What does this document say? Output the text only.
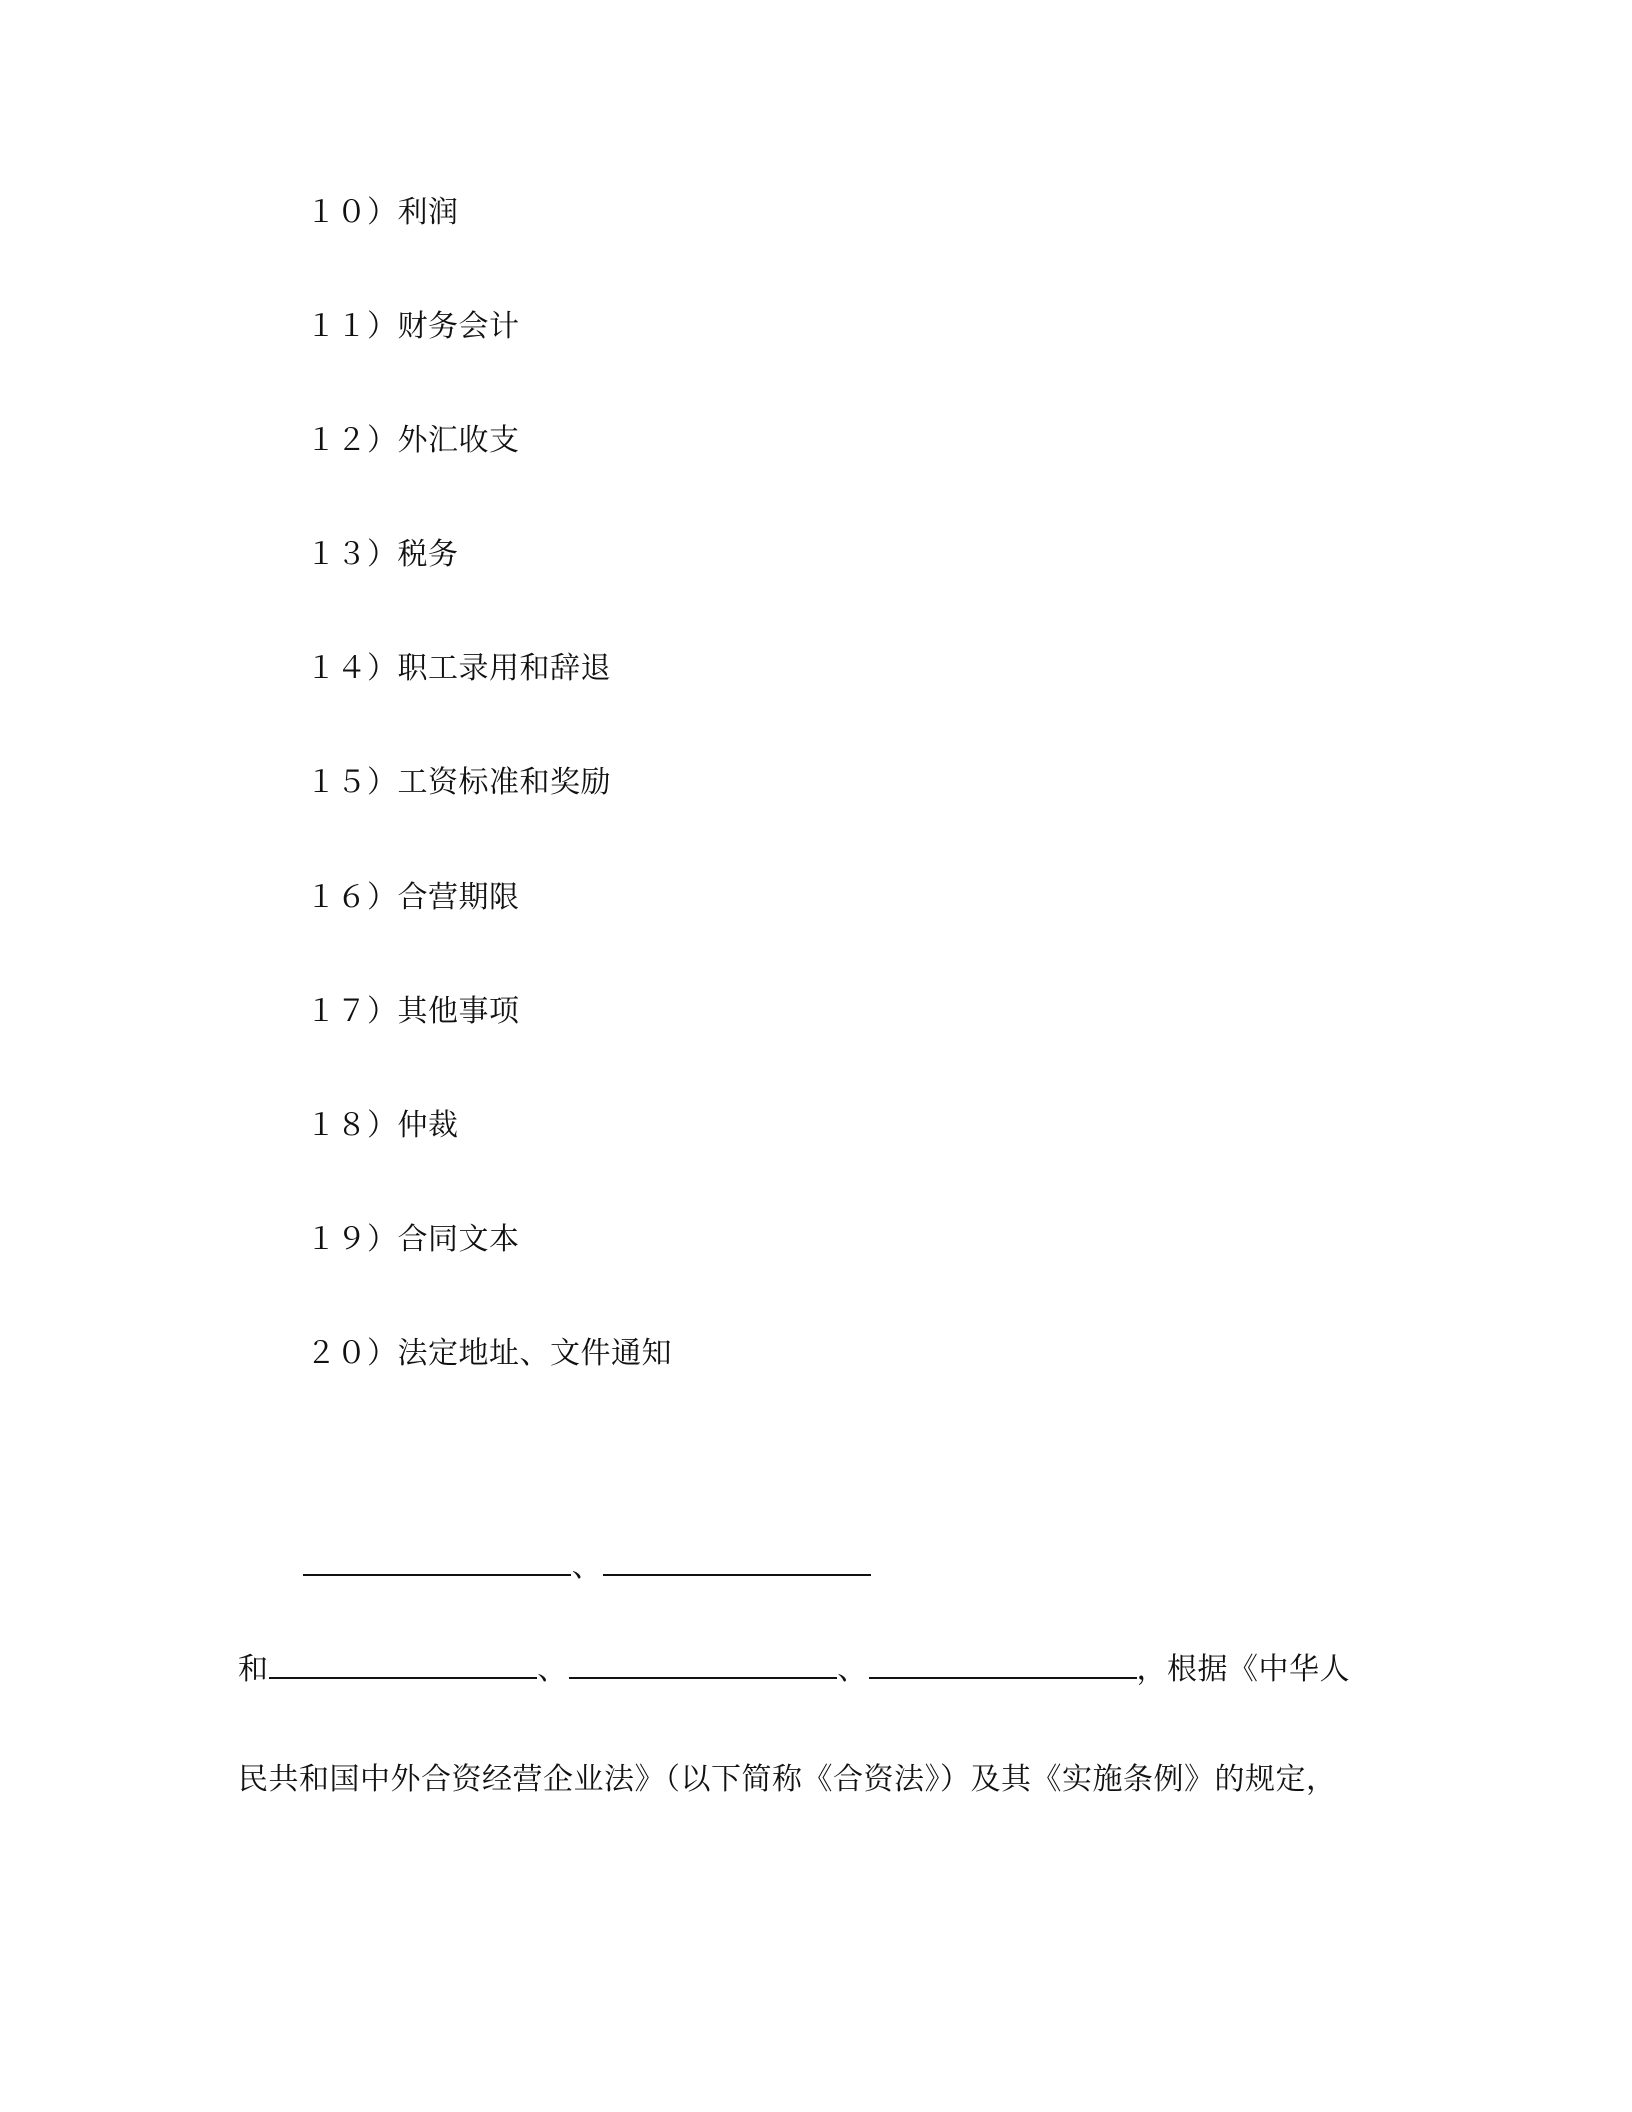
１０）利润
１１）财务会计
１２）外汇收支
１３）税务
１４）职工录用和辞退
１５）工资标准和奖励
１６）合营期限
１７）其他事项
１８）仲裁
１９）合同文本
２０）法定地址、文件通知
、
和	、	、	，根据《中华人
民共和国中外合资经营企业法》（以下简称《合资法》）及其《实施条例》的规定，
